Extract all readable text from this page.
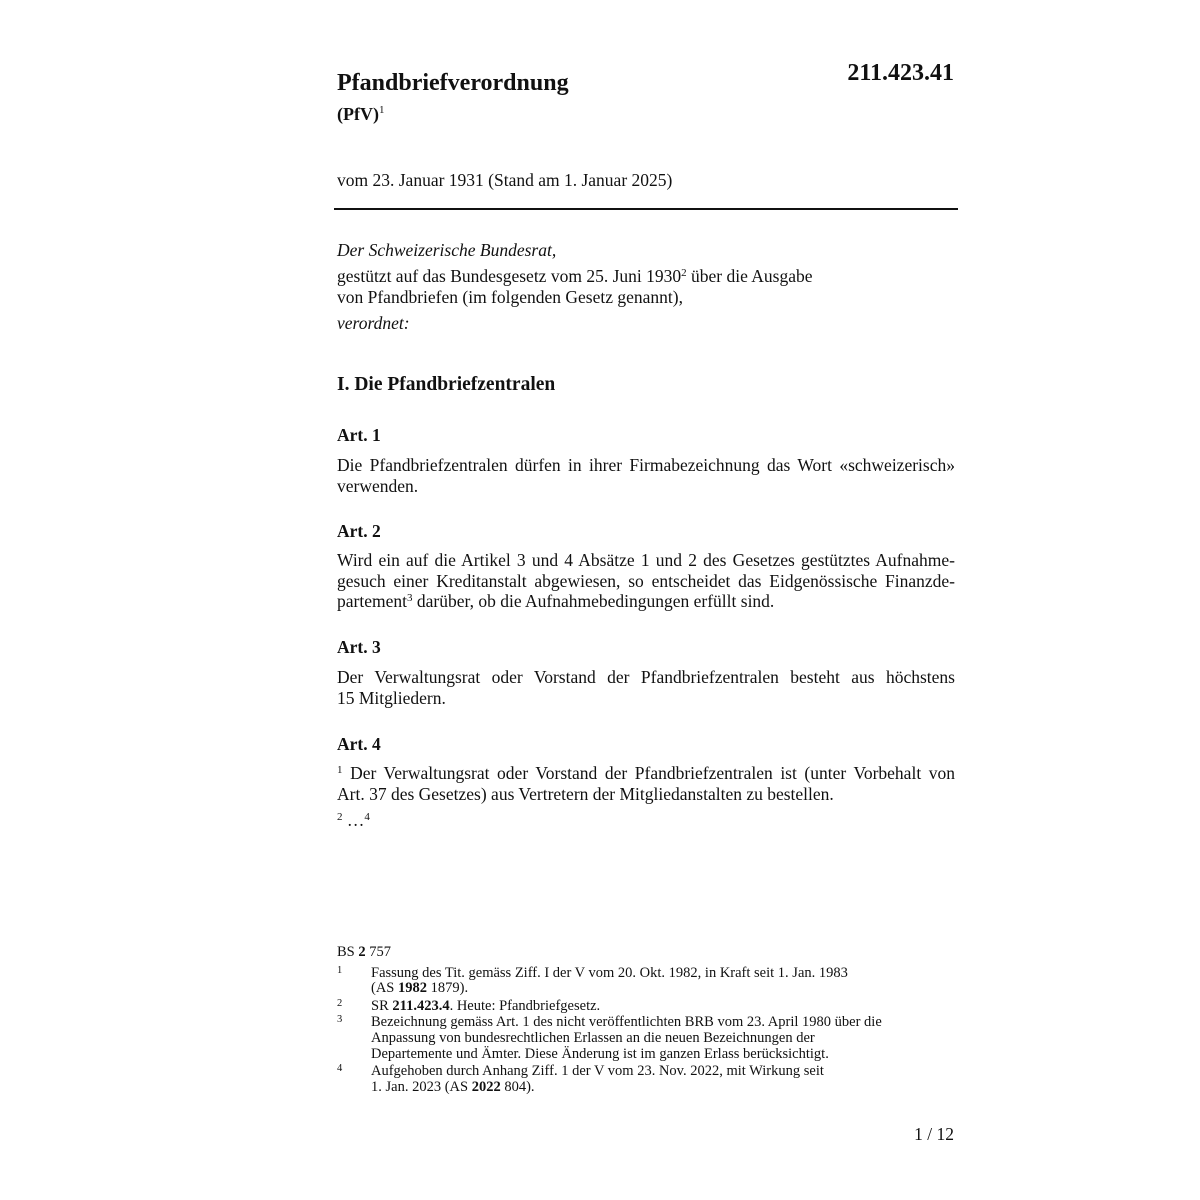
211.423.41
Pfandbriefverordnung
(PfV)$^1$
vom 23. Januar 1931 (Stand am 1. Januar 2025)
Der Schweizerische Bundesrat,
gestützt auf das Bundesgesetz vom 25. Juni 1930$^2$ über die Ausgabe
von Pfandbriefen (im folgenden Gesetz genannt),
verordnet:
I. Die Pfandbriefzentralen
Art. 1
Die Pfandbriefzentralen dürfen in ihrer Firmabezeichnung das Wort «schweizerisch»
verwenden.
Art. 2
Wird ein auf die Artikel 3 und 4 Absätze 1 und 2 des Gesetzes gestütztes Aufnahme-
gesuch einer Kreditanstalt abgewiesen, so entscheidet das Eidgenössische Finanzde-
partement$^3$ darüber, ob die Aufnahmebedingungen erfüllt sind.
Art. 3
Der Verwaltungsrat oder Vorstand der Pfandbriefzentralen besteht aus höchstens
15 Mitgliedern.
Art. 4
$^1$ Der Verwaltungsrat oder Vorstand der Pfandbriefzentralen ist (unter Vorbehalt von
Art. 37 des Gesetzes) aus Vertretern der Mitgliedanstalten zu bestellen.
$^2$ …$^4$
BS 2 757
1 Fassung des Tit. gemäss Ziff. I der V vom 20. Okt. 1982, in Kraft seit 1. Jan. 1983
(AS 1982 1879).
2 SR 211.423.4. Heute: Pfandbriefgesetz.
3 Bezeichnung gemäss Art. 1 des nicht veröffentlichten BRB vom 23. April 1980 über die
Anpassung von bundesrechtlichen Erlassen an die neuen Bezeichnungen der
Departemente und Ämter. Diese Änderung ist im ganzen Erlass berücksichtigt.
4 Aufgehoben durch Anhang Ziff. 1 der V vom 23. Nov. 2022, mit Wirkung seit
1. Jan. 2023 (AS 2022 804).
1 / 12
